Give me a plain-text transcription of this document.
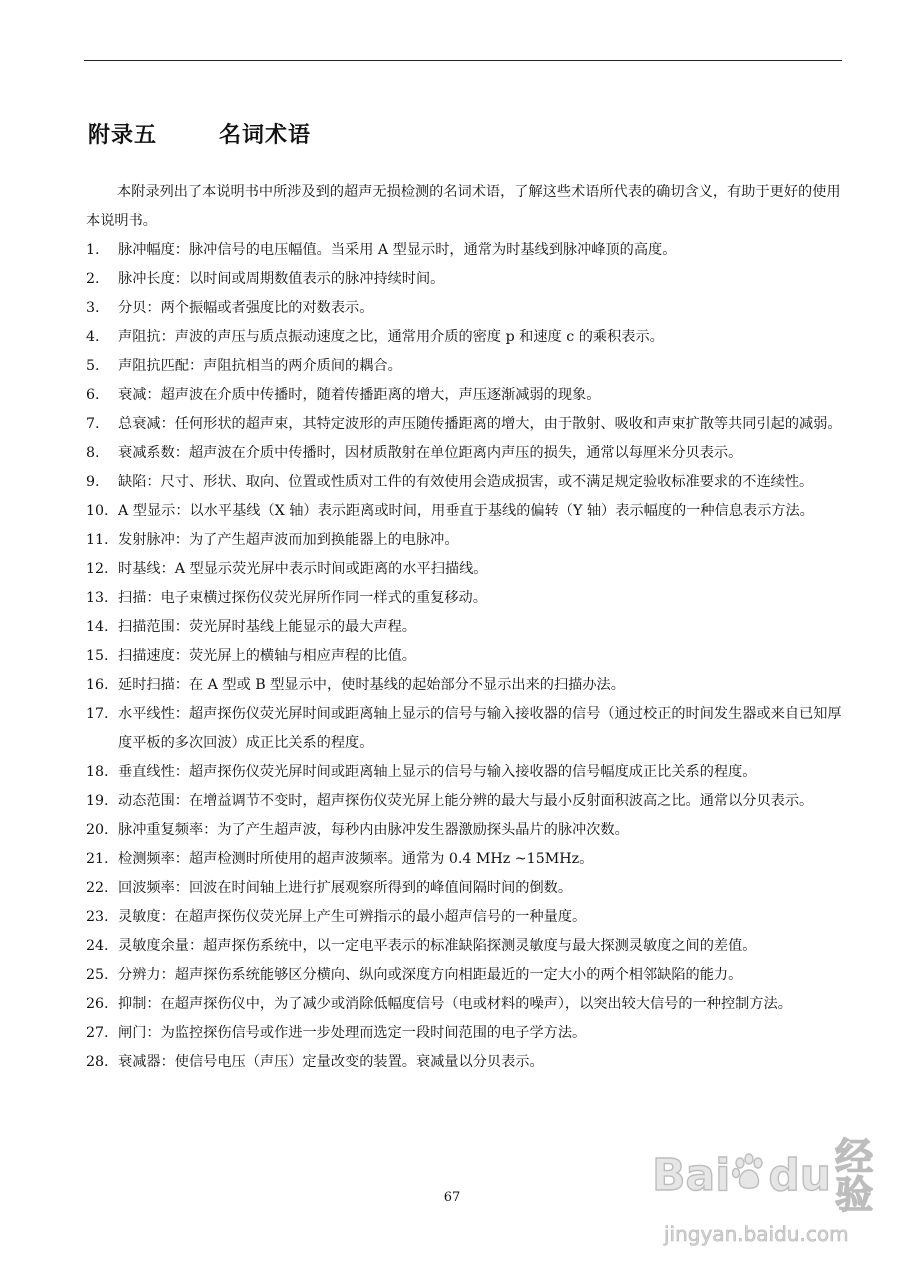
附录五	名词术语

本附录列出了本说明书中所涉及到的超声无损检测的名词术语，了解这些术语所代表的确切含义，有助于更好的使用本说明书。

1.	脉冲幅度：脉冲信号的电压幅值。当采用 A 型显示时，通常为时基线到脉冲峰顶的高度。
2.	脉冲长度：以时间或周期数值表示的脉冲持续时间。
3.	分贝：两个振幅或者强度比的对数表示。
4.	声阻抗：声波的声压与质点振动速度之比，通常用介质的密度 p 和速度 c 的乘积表示。
5.	声阻抗匹配：声阻抗相当的两介质间的耦合。
6.	衰减：超声波在介质中传播时，随着传播距离的增大，声压逐渐减弱的现象。
7.	总衰减：任何形状的超声束，其特定波形的声压随传播距离的增大，由于散射、吸收和声束扩散等共同引起的减弱。
8.	衰减系数：超声波在介质中传播时，因材质散射在单位距离内声压的损失，通常以每厘米分贝表示。
9.	缺陷：尺寸、形状、取向、位置或性质对工件的有效使用会造成损害，或不满足规定验收标准要求的不连续性。
10. A 型显示：以水平基线（X 轴）表示距离或时间，用垂直于基线的偏转（Y 轴）表示幅度的一种信息表示方法。
11. 发射脉冲：为了产生超声波而加到换能器上的电脉冲。
12. 时基线：A 型显示荧光屏中表示时间或距离的水平扫描线。
13. 扫描：电子束横过探伤仪荧光屏所作同一样式的重复移动。
14. 扫描范围：荧光屏时基线上能显示的最大声程。
15. 扫描速度：荧光屏上的横轴与相应声程的比值。
16. 延时扫描：在 A 型或 B 型显示中，使时基线的起始部分不显示出来的扫描办法。
17. 水平线性：超声探伤仪荧光屏时间或距离轴上显示的信号与输入接收器的信号（通过校正的时间发生器或来自已知厚度平板的多次回波）成正比关系的程度。
18. 垂直线性：超声探伤仪荧光屏时间或距离轴上显示的信号与输入接收器的信号幅度成正比关系的程度。
19. 动态范围：在增益调节不变时，超声探伤仪荧光屏上能分辨的最大与最小反射面积波高之比。通常以分贝表示。
20. 脉冲重复频率：为了产生超声波，每秒内由脉冲发生器激励探头晶片的脉冲次数。
21. 检测频率：超声检测时所使用的超声波频率。通常为 0.4 MHz ~15MHz。
22. 回波频率：回波在时间轴上进行扩展观察所得到的峰值间隔时间的倒数。
23. 灵敏度：在超声探伤仪荧光屏上产生可辨指示的最小超声信号的一种量度。
24. 灵敏度余量：超声探伤系统中，以一定电平表示的标准缺陷探测灵敏度与最大探测灵敏度之间的差值。
25. 分辨力：超声探伤系统能够区分横向、纵向或深度方向相距最近的一定大小的两个相邻缺陷的能力。
26. 抑制：在超声探伤仪中，为了减少或消除低幅度信号（电或材料的噪声），以突出较大信号的一种控制方法。
27. 闸门：为监控探伤信号或作进一步处理而选定一段时间范围的电子学方法。
28. 衰减器：使信号电压（声压）定量改变的装置。衰减量以分贝表示。
67	Bai du 经验
jingyan.baidu.com
